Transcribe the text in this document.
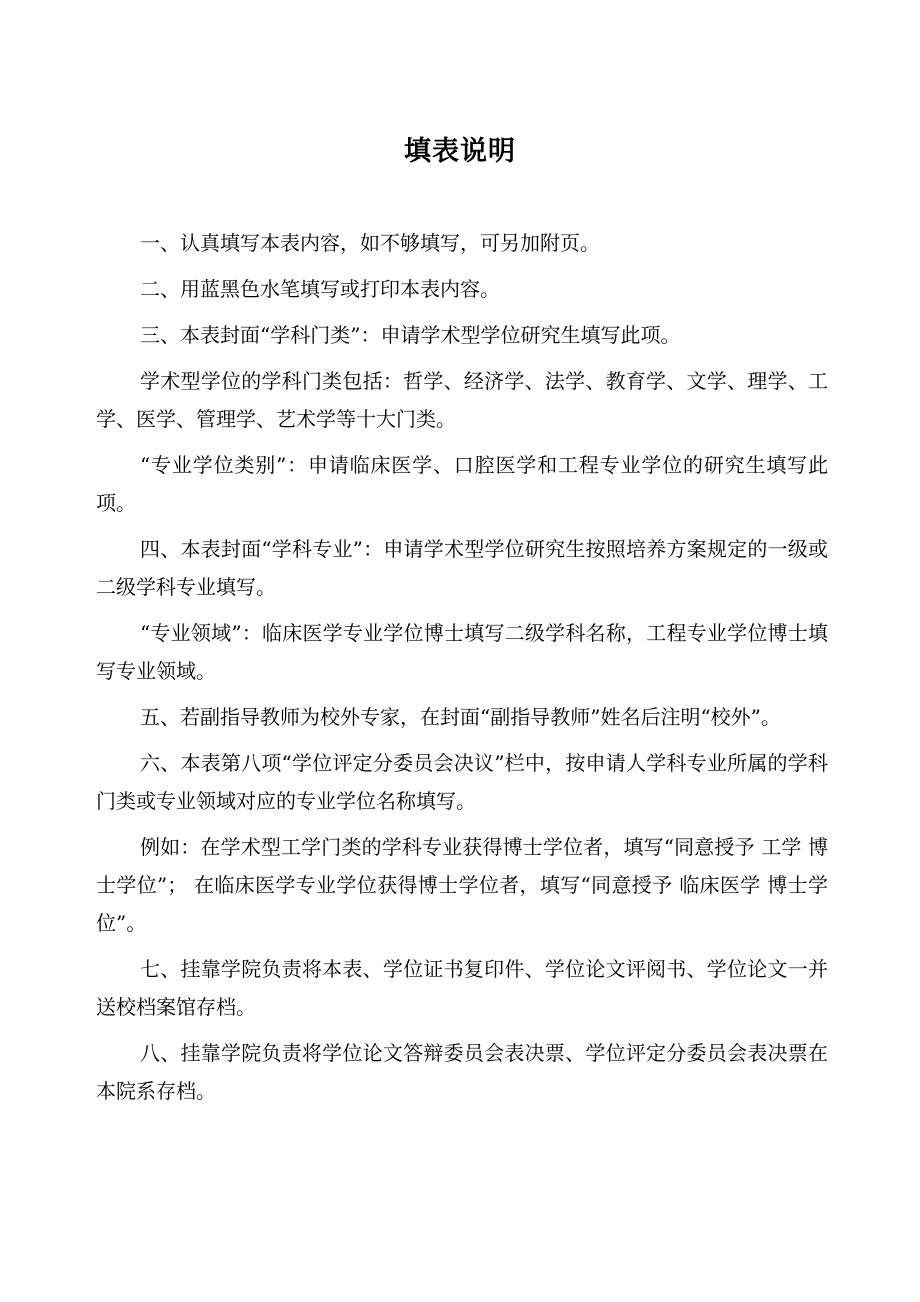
填表说明

一、认真填写本表内容，如不够填写，可另加附页。

二、用蓝黑色水笔填写或打印本表内容。

三、本表封面“学科门类”：申请学术型学位研究生填写此项。

学术型学位的学科门类包括：哲学、经济学、法学、教育学、文学、理学、工学、医学、管理学、艺术学等十大门类。

“专业学位类别”：申请临床医学、口腔医学和工程专业学位的研究生填写此项。

四、本表封面“学科专业”：申请学术型学位研究生按照培养方案规定的一级或二级学科专业填写。

“专业领域”：临床医学专业学位博士填写二级学科名称，工程专业学位博士填写专业领域。

五、若副指导教师为校外专家，在封面“副指导教师”姓名后注明“校外”。

六、本表第八项“学位评定分委员会决议”栏中，按申请人学科专业所属的学科门类或专业领域对应的专业学位名称填写。

例如：在学术型工学门类的学科专业获得博士学位者，填写“同意授予 工学 博士学位”； 在临床医学专业学位获得博士学位者，填写“同意授予 临床医学 博士学位”。

七、挂靠学院负责将本表、学位证书复印件、学位论文评阅书、学位论文一并送校档案馆存档。

八、挂靠学院负责将学位论文答辩委员会表决票、学位评定分委员会表决票在本院系存档。
